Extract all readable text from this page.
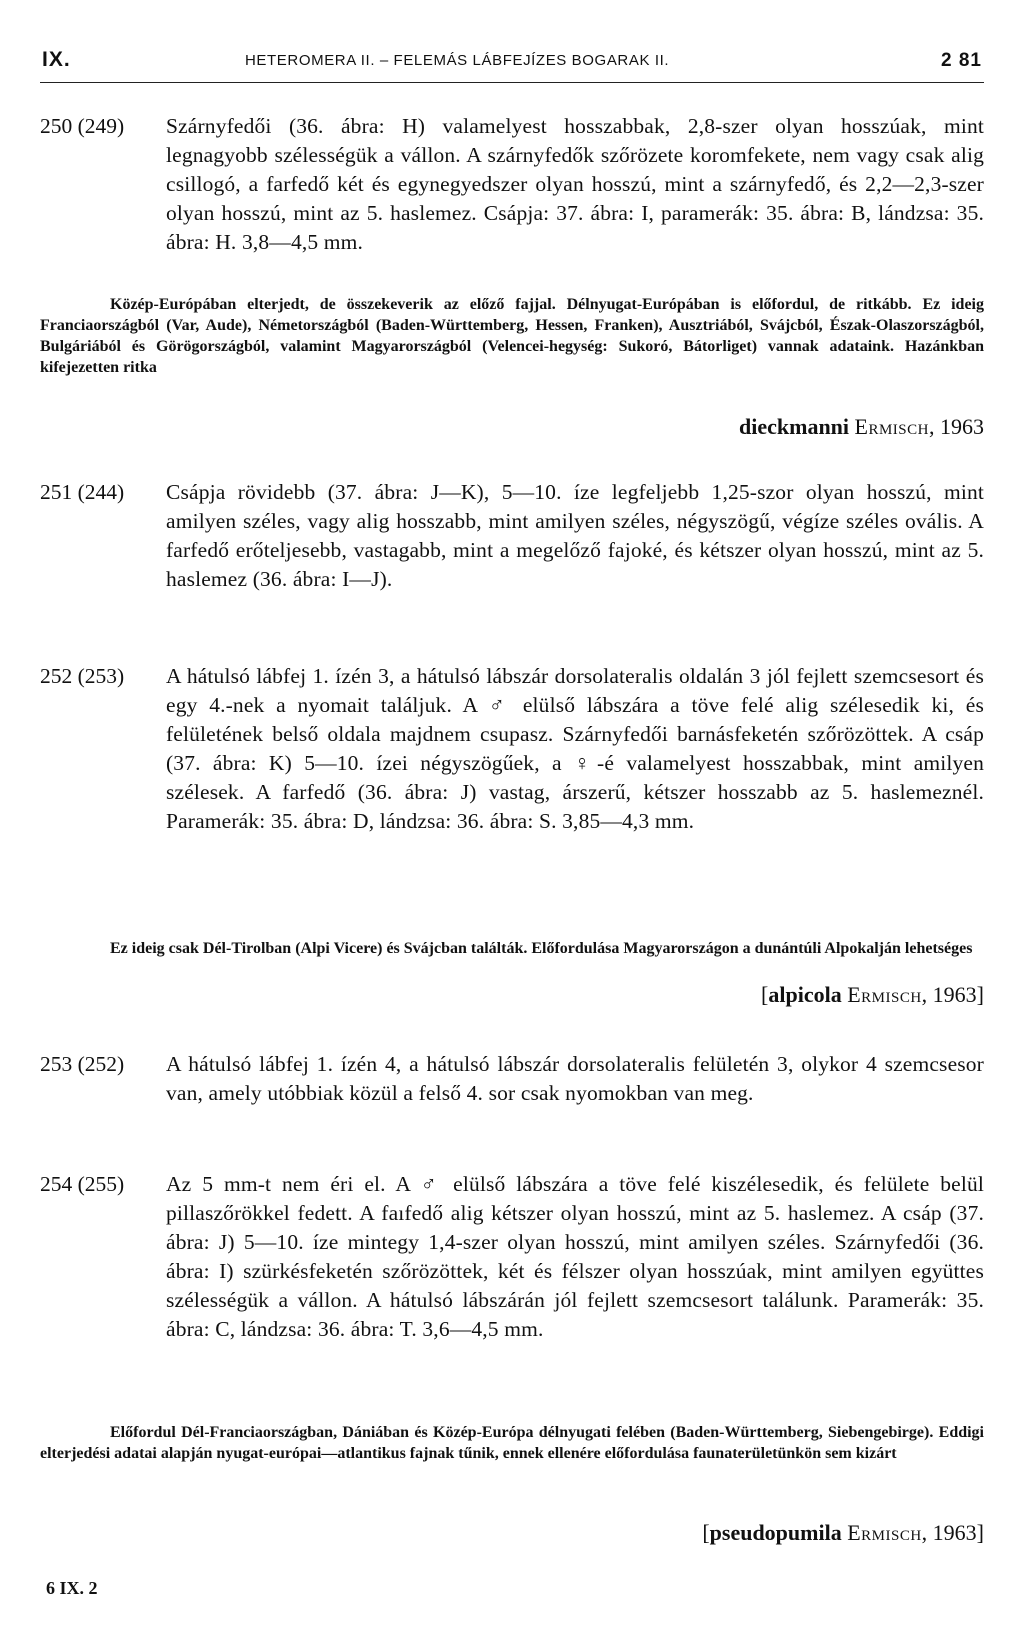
IX.	HETEROMERA II. – FELEMÁS LÁBFEJÍZES BOGARAK II.	2 81
250 (249) Szárnyfedői (36. ábra: H) valamelyest hosszabbak, 2,8-szer olyan hosszúak, mint legnagyobb szélességük a vállon. A szárnyfedők szőrözete koromfekete, nem vagy csak alig csillogó, a farfedő két és egynegyedszer olyan hosszú, mint a szárnyfedő, és 2,2—2,3-szer olyan hosszú, mint az 5. haslemez. Csápja: 37. ábra: I, paramerák: 35. ábra: B, lándzsa: 35. ábra: H. 3,8—4,5 mm.
Közép-Európában elterjedt, de összekeverik az előző fajjal. Délnyugat-Európában is előfordul, de ritkább. Ez ideig Franciaországból (Var, Aude), Németországból (Baden-Württemberg, Hessen, Franken), Ausztriából, Svájcból, Észak-Olaszországból, Bulgáriából és Görögországból, valamint Magyarországból (Velencei-hegység: Sukoró, Bátorliget) vannak adataink. Hazánkban kifejezetten ritka
dieckmanni Ermisch, 1963
251 (244) Csápja rövidebb (37. ábra: J—K), 5—10. íze legfeljebb 1,25-szor olyan hosszú, mint amilyen széles, vagy alig hosszabb, mint amilyen széles, négyszögű, végíze széles ovális. A farfedő erőteljesebb, vastagabb, mint a megelőző fajoké, és kétszer olyan hosszú, mint az 5. haslemez (36. ábra: I—J).
252 (253) A hátulsó lábfej 1. ízén 3, a hátulsó lábszár dorsolateralis oldalán 3 jól fejlett szemcsesort és egy 4.-nek a nyomait találjuk. A ♂ elülső lábszára a töve felé alig szélesedik ki, és felületének belső oldala majdnem csupasz. Szárnyfedői barnásfeketén szőrözöttek. A csáp (37. ábra: K) 5—10. ízei négyszögűek, a ♀-é valamelyest hosszabbak, mint amilyen szélesek. A farfedő (36. ábra: J) vastag, árszerű, kétszer hosszabb az 5. haslemeznél. Paramerák: 35. ábra: D, lándzsa: 36. ábra: S. 3,85—4,3 mm.
Ez ideig csak Dél-Tirolban (Alpi Vicere) és Svájcban találták. Előfordulása Magyarországon a dunántúli Alpokalján lehetséges
[alpicola Ermisch, 1963]
253 (252) A hátulsó lábfej 1. ízén 4, a hátulsó lábszár dorsolateralis felületén 3, olykor 4 szemcsesor van, amely utóbbiak közül a felső 4. sor csak nyomokban van meg.
254 (255) Az 5 mm-t nem éri el. A ♂ elülső lábszára a töve felé kiszélesedik, és felülete belül pillaszőrökkel fedett. A faıfedő alig kétszer olyan hosszú, mint az 5. haslemez. A csáp (37. ábra: J) 5—10. íze mintegy 1,4-szer olyan hosszú, mint amilyen széles. Szárnyfedői (36. ábra: I) szürkésfeketén szőrözöttek, két és félszer olyan hosszúak, mint amilyen együttes szélességük a vállon. A hátulsó lábszárán jól fejlett szemcsesort találunk. Paramerák: 35. ábra: C, lándzsa: 36. ábra: T. 3,6—4,5 mm.
Előfordul Dél-Franciaországban, Dániában és Közép-Európa délnyugati felében (Baden-Württemberg, Siebengebirge). Eddigi elterjedési adatai alapján nyugat-európai—atlantikus fajnak tűnik, ennek ellenére előfordulása faunaterületünkön sem kizárt
[pseudopumila Ermisch, 1963]
6 IX. 2
